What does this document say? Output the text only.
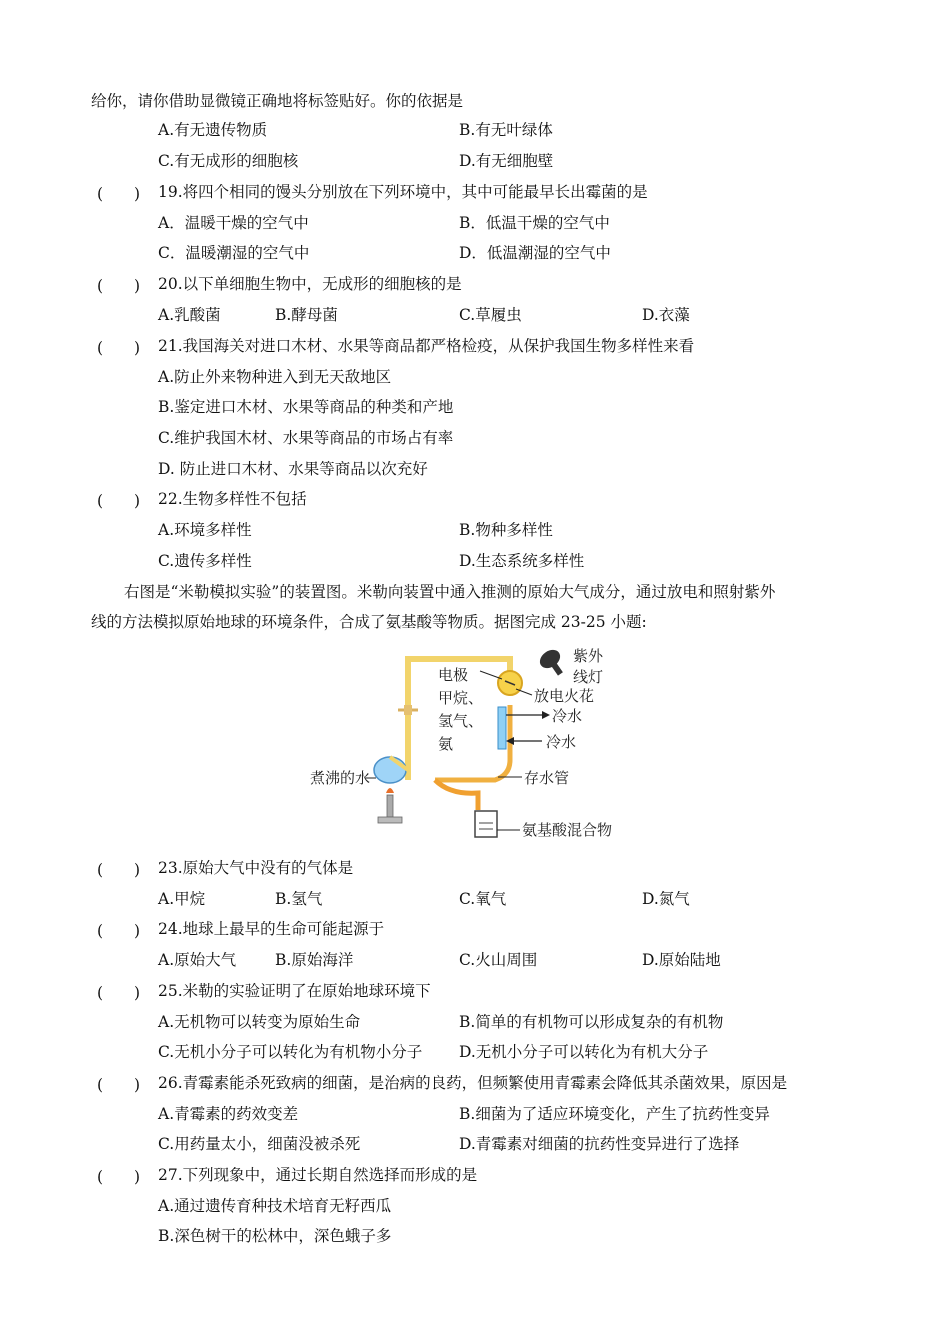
给你，请你借助显微镜正确地将标签贴好。你的依据是
A.有无遗传物质	B.有无叶绿体
C.有无成形的细胞核	D.有无细胞壁
(　　) 19.将四个相同的馒头分别放在下列环境中，其中可能最早长出霉菌的是
A．温暖干燥的空气中	B．低温干燥的空气中
C．温暖潮湿的空气中	D．低温潮湿的空气中
(　　) 20.以下单细胞生物中，无成形的细胞核的是
A.乳酸菌	B.酵母菌	C.草履虫	D.衣藻
(　　) 21.我国海关对进口木材、水果等商品都严格检疫，从保护我国生物多样性来看
A.防止外来物种进入到无天敌地区
B.鉴定进口木材、水果等商品的种类和产地
C.维护我国木材、水果等商品的市场占有率
D. 防止进口木材、水果等商品以次充好
(　　) 22.生物多样性不包括
A.环境多样性	B.物种多样性
C.遗传多样性	D.生态系统多样性
右图是“米勒模拟实验”的装置图。米勒向装置中通入推测的原始大气成分，通过放电和照射紫外
线的方法模拟原始地球的环境条件，合成了氨基酸等物质。据图完成 23-25 小题:
电极
甲烷、
氢气、
氨
紫外
线灯
放电火花
冷水
冷水
煮沸的水	存水管
氨基酸混合物
(　　) 23.原始大气中没有的气体是
A.甲烷	B.氢气	C.氧气	D.氮气
(　　) 24.地球上最早的生命可能起源于
A.原始大气	B.原始海洋	C.火山周围	D.原始陆地
(　　) 25.米勒的实验证明了在原始地球环境下
A.无机物可以转变为原始生命	B.简单的有机物可以形成复杂的有机物
C.无机小分子可以转化为有机物小分子 D.无机小分子可以转化为有机大分子
(　　) 26.青霉素能杀死致病的细菌，是治病的良药，但频繁使用青霉素会降低其杀菌效果，原因是
A.青霉素的药效变差	B.细菌为了适应环境变化，产生了抗药性变异
C.用药量太小，细菌没被杀死	D.青霉素对细菌的抗药性变异进行了选择
(　　) 27.下列现象中，通过长期自然选择而形成的是
A.通过遗传育种技术培育无籽西瓜
B.深色树干的松林中，深色蛾子多
